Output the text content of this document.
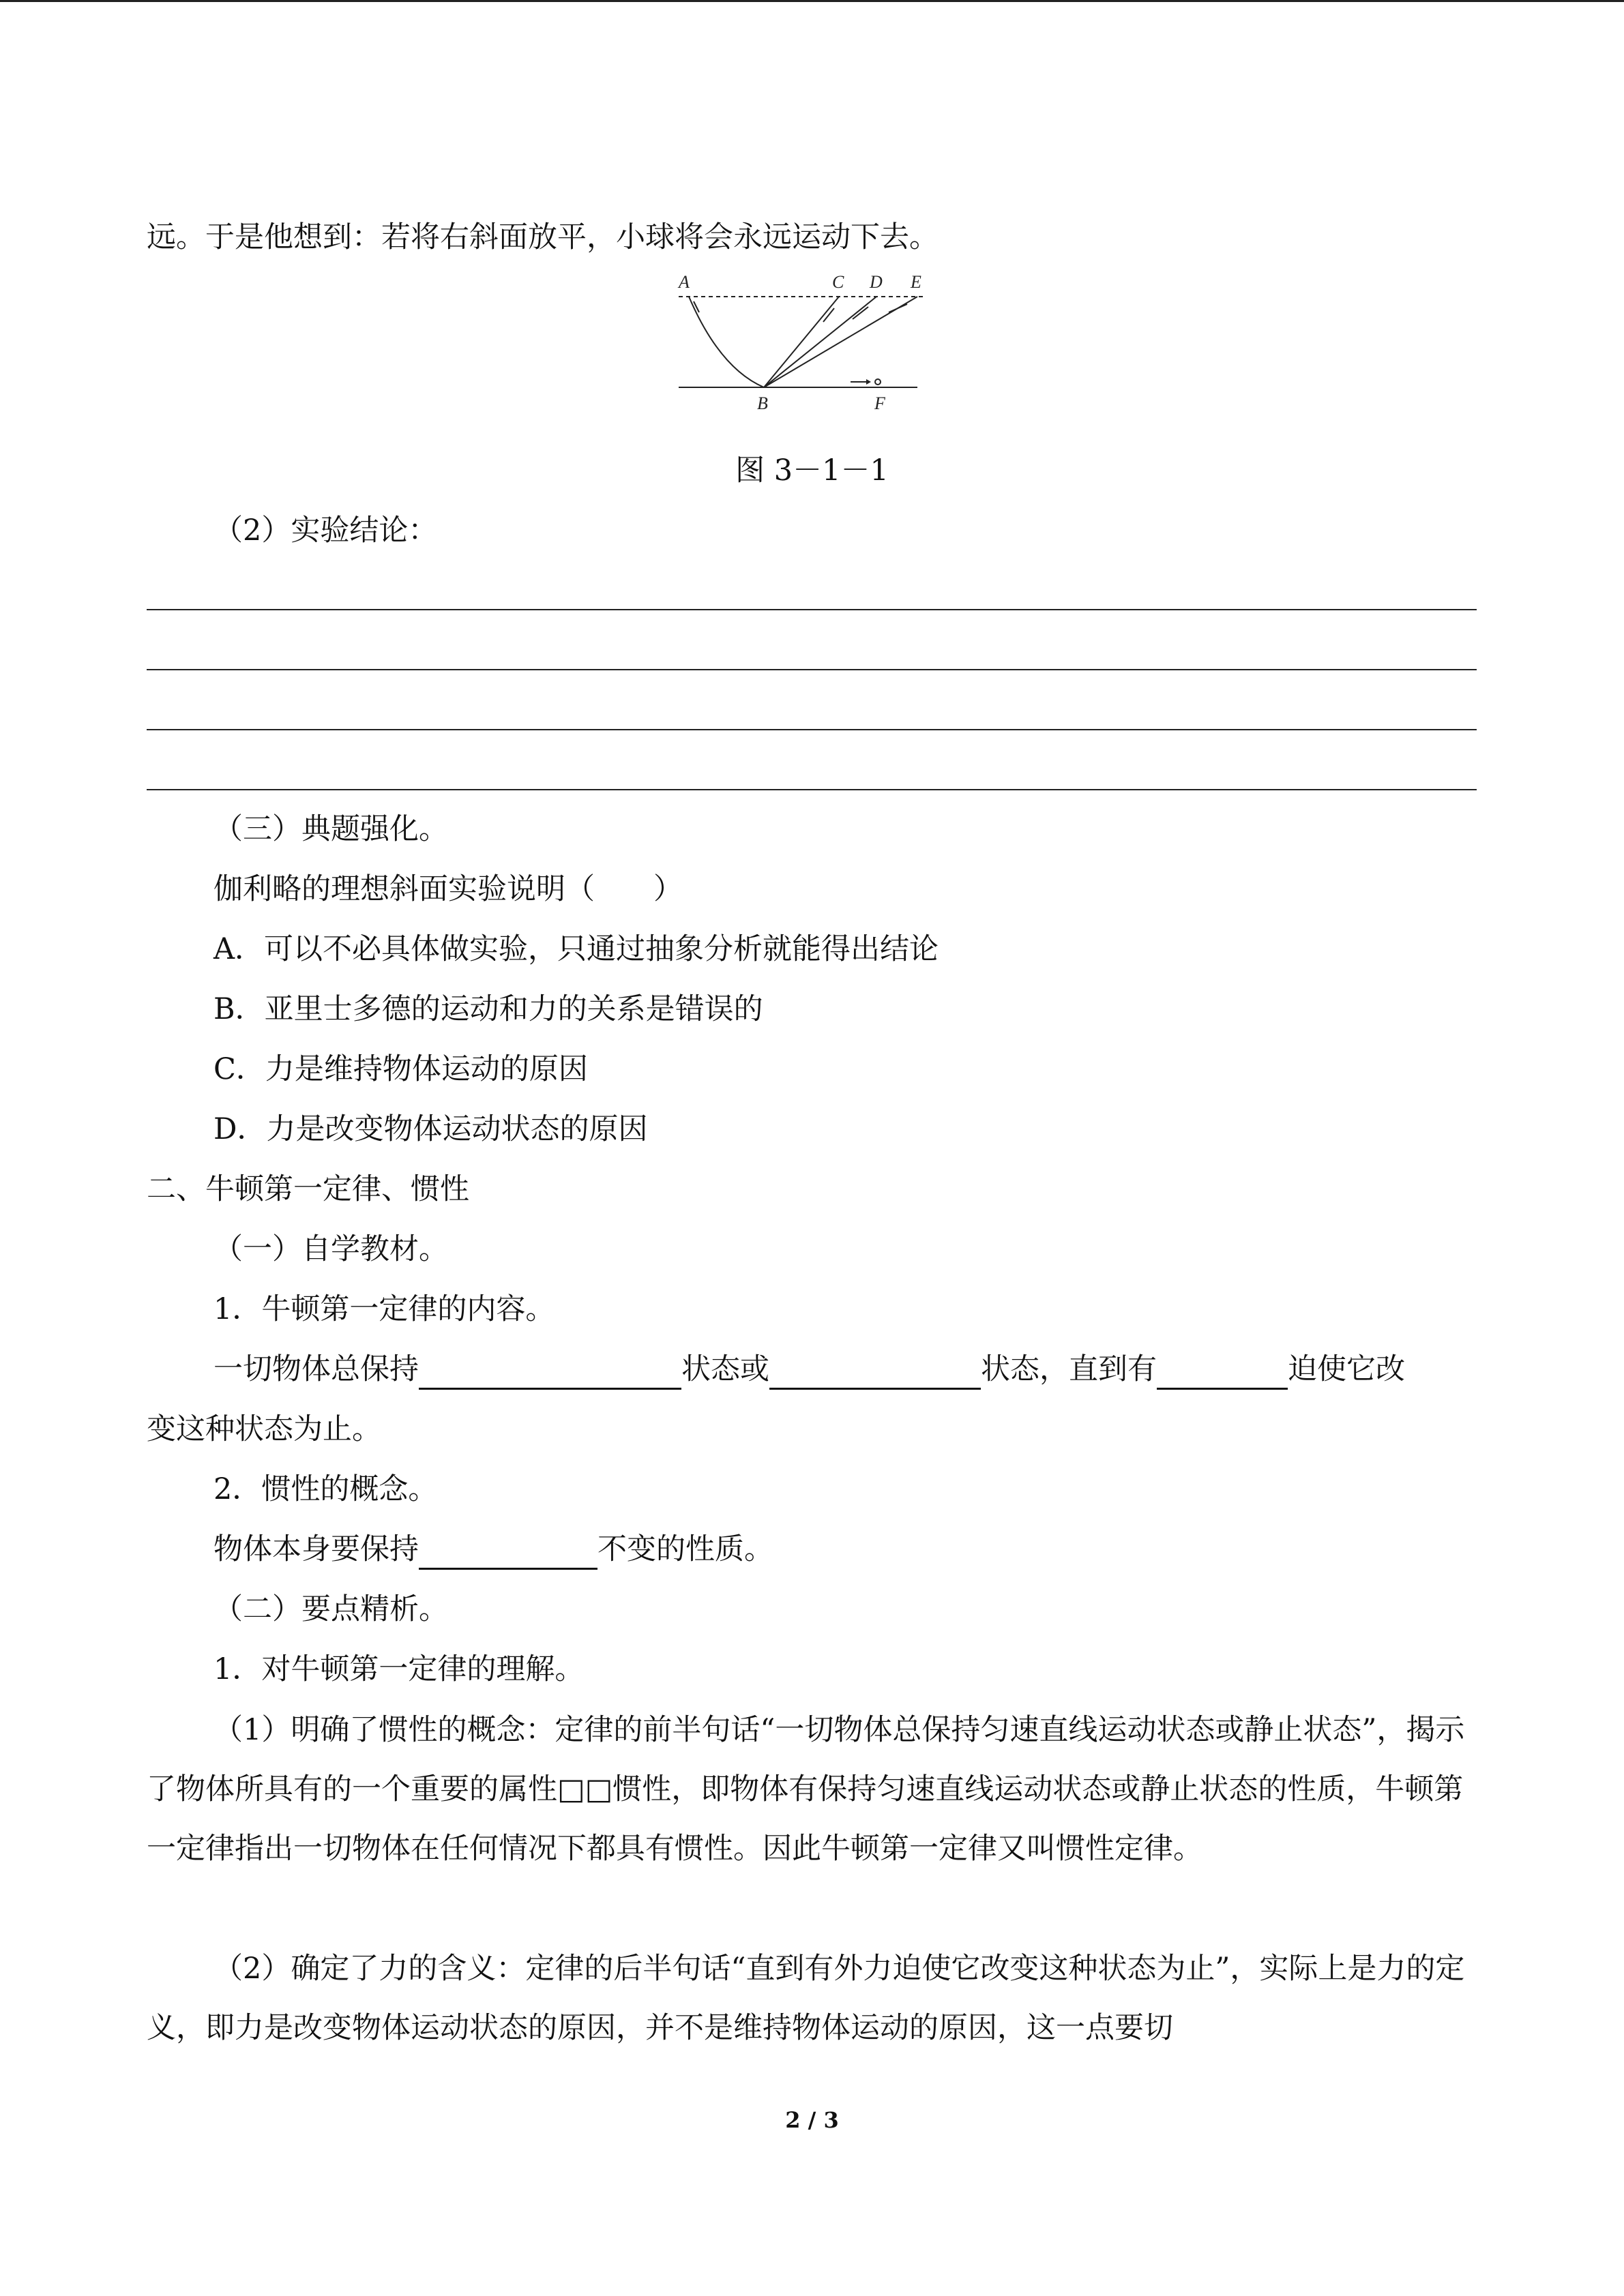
远。于是他想到：若将右斜面放平，小球将会永远运动下去。

A	C D E
B	F

图 3－1－1

（2）实验结论：

（三）典题强化。

伽利略的理想斜面实验说明（　　）

A．可以不必具体做实验，只通过抽象分析就能得出结论

B．亚里士多德的运动和力的关系是错误的

C．力是维持物体运动的原因

D．力是改变物体运动状态的原因

二、牛顿第一定律、惯性

（一）自学教材。

1．牛顿第一定律的内容。

一切物体总保持	状态或	状态，直到有	迫使它改

变这种状态为止。

2．惯性的概念。

物体本身要保持	不变的性质。

（二）要点精析。

1．对牛顿第一定律的理解。

（1）明确了惯性的概念：定律的前半句话“一切物体总保持匀速直线运动状态或静止状态”，揭示了物体所具有的一个重要的属性□□惯性，即物体有保持匀速直线运动状态或静止状态的性质，牛顿第一定律指出一切物体在任何情况下都具有惯性。因此牛顿第一定律又叫惯性定律。

（2）确定了力的含义：定律的后半句话“直到有外力迫使它改变这种状态为止”，实际上是力的定义，即力是改变物体运动状态的原因，并不是维持物体运动的原因，这一点要切

2 / 3
